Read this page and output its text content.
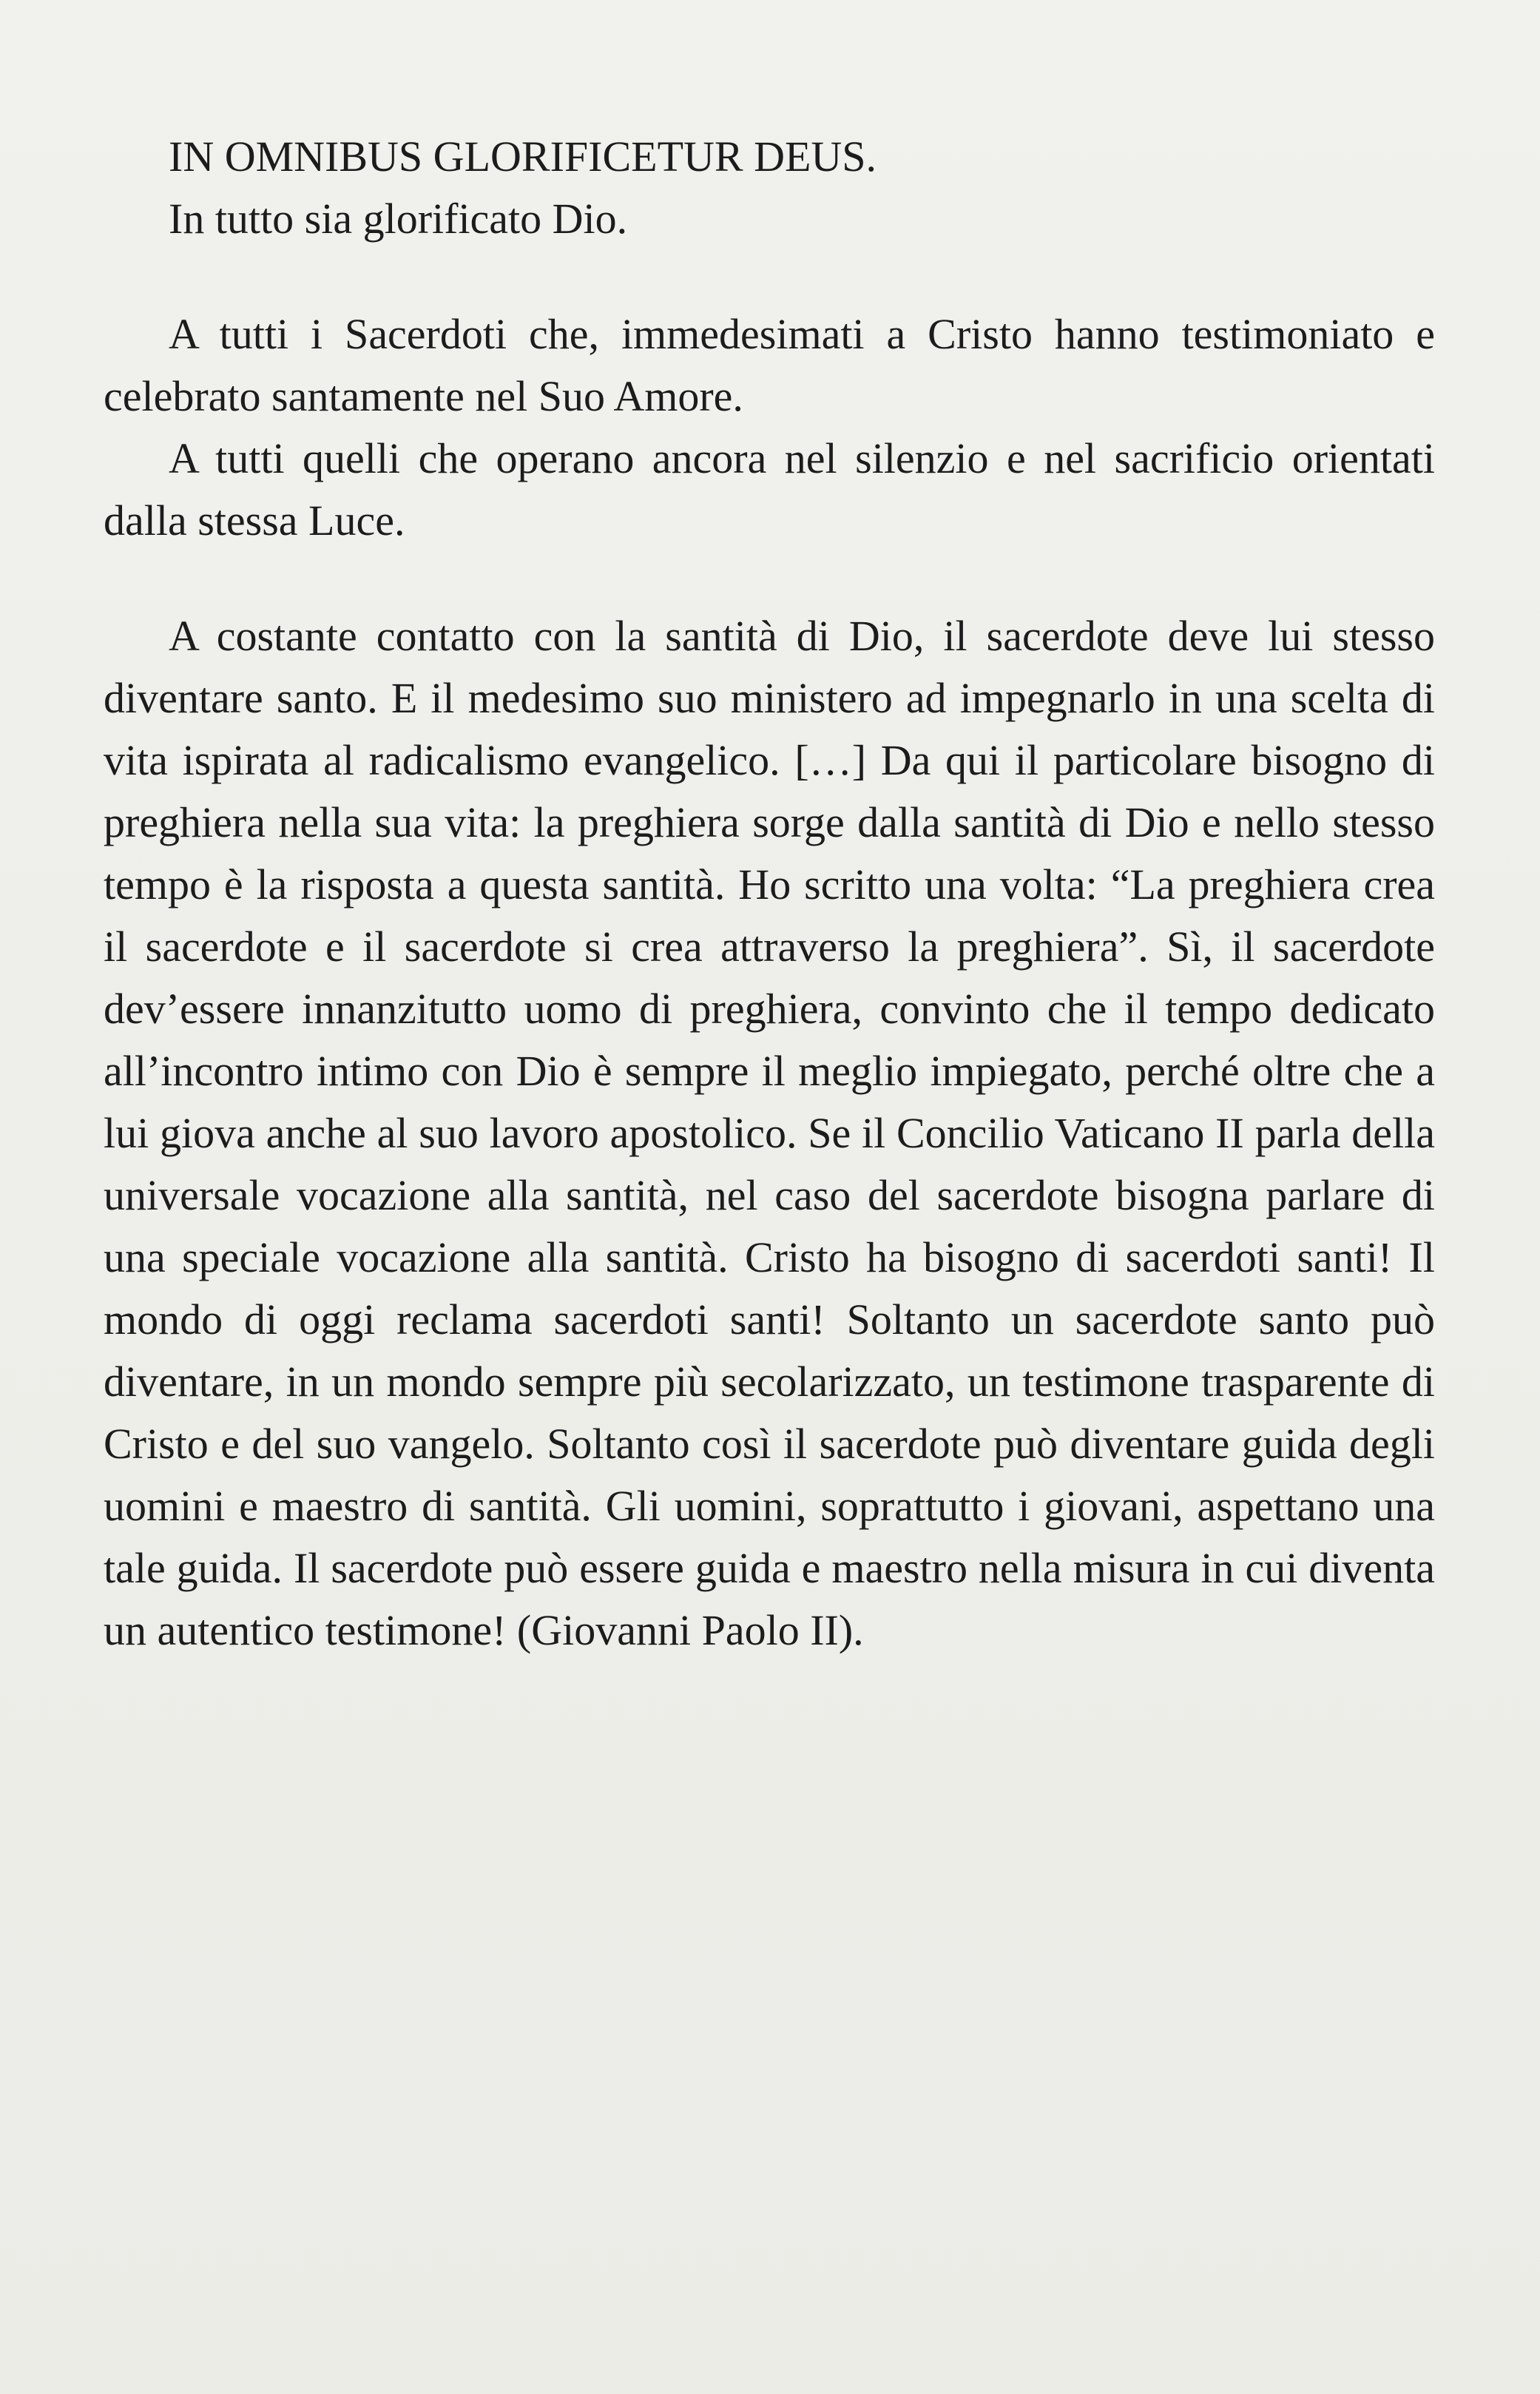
IN OMNIBUS GLORIFICETUR DEUS.

In tutto sia glorificato Dio.

A tutti i Sacerdoti che, immedesimati a Cristo hanno testimoniato e celebrato santamente nel Suo Amore.

A tutti quelli che operano ancora nel silenzio e nel sacrificio orientati dalla stessa Luce.

A costante contatto con la santità di Dio, il sacerdote deve lui stesso diventare santo. E il medesimo suo ministero ad impegnarlo in una scelta di vita ispirata al radicalismo evangelico. […] Da qui il particolare bisogno di preghiera nella sua vita: la preghiera sorge dalla santità di Dio e nello stesso tempo è la risposta a questa santità. Ho scritto una volta: “La preghiera crea il sacerdote e il sacerdote si crea attraverso la preghiera”. Sì, il sacerdote dev’essere innanzitutto uomo di preghiera, convinto che il tempo dedicato all’incontro intimo con Dio è sempre il meglio impiegato, perché oltre che a lui giova anche al suo lavoro apostolico. Se il Concilio Vaticano II parla della universale vocazione alla santità, nel caso del sacerdote bisogna parlare di una speciale vocazione alla santità. Cristo ha bisogno di sacerdoti santi! Il mondo di oggi reclama sacerdoti santi! Soltanto un sacerdote santo può diventare, in un mondo sempre più secolarizzato, un testimone trasparente di Cristo e del suo vangelo. Soltanto così il sacerdote può diventare guida degli uomini e maestro di santità. Gli uomini, soprattutto i giovani, aspettano una tale guida. Il sacerdote può essere guida e maestro nella misura in cui diventa un autentico testimone! (Giovanni Paolo II).
